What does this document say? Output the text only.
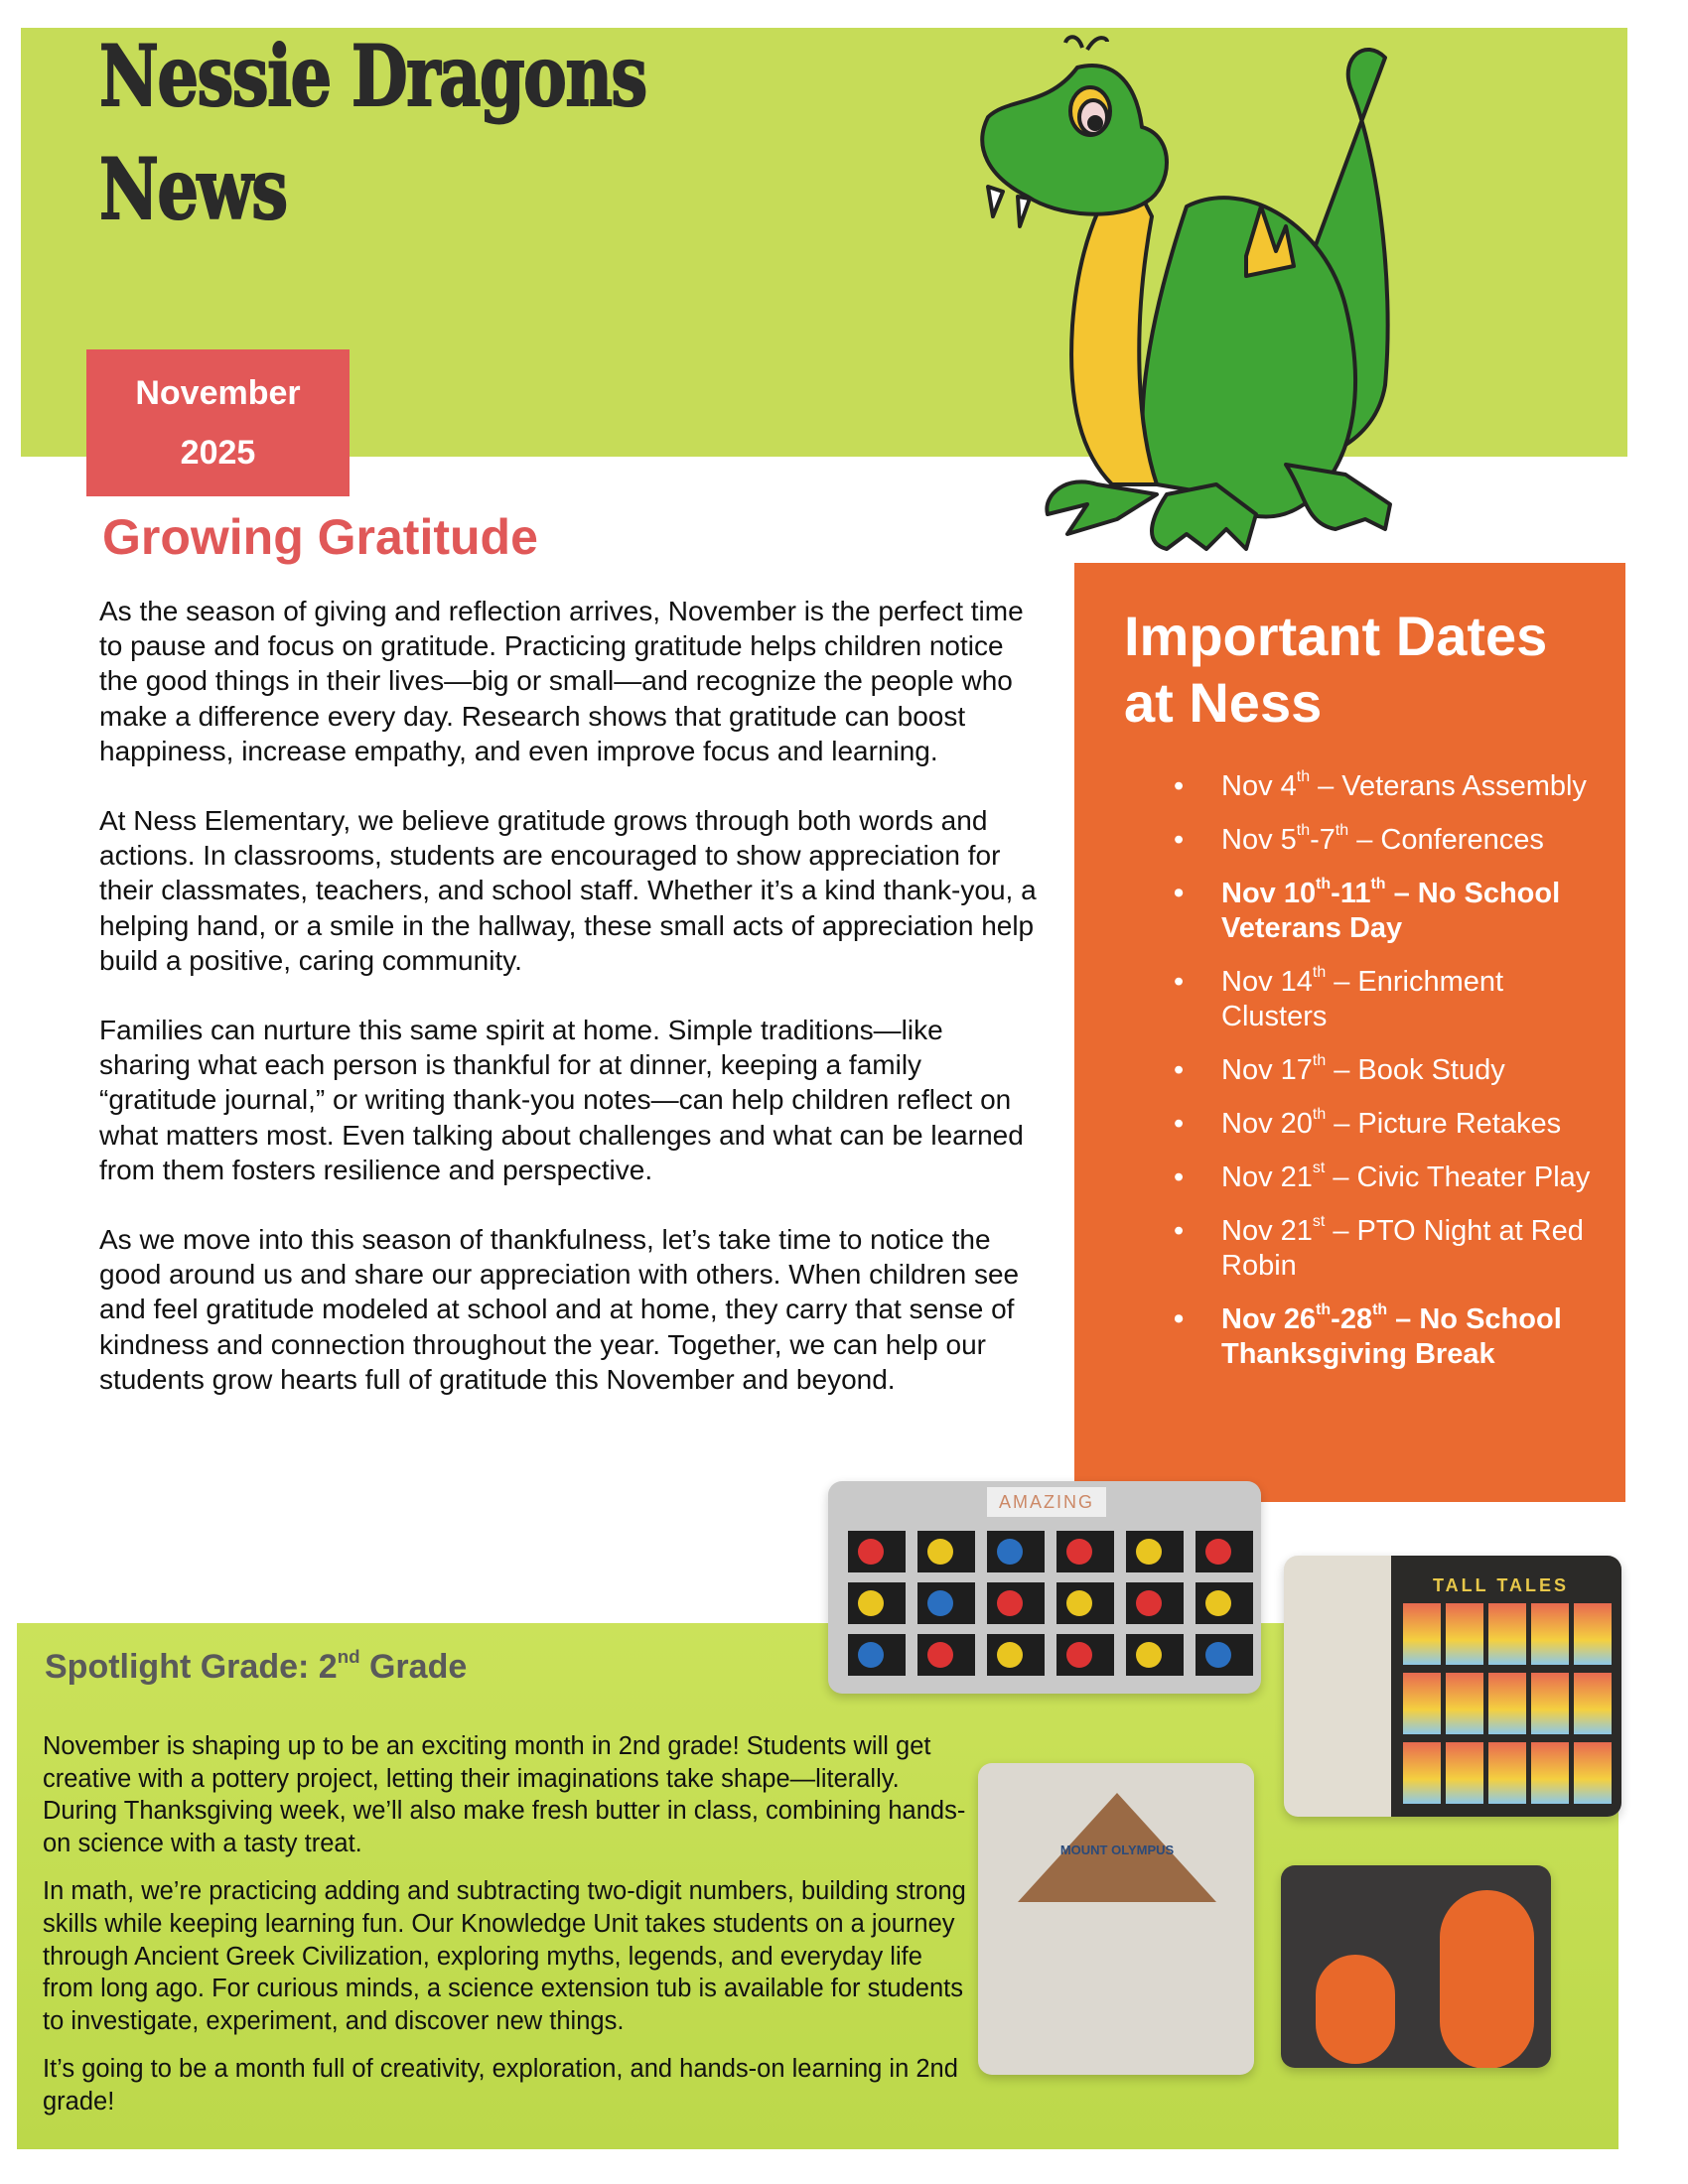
Nessie Dragons
News
November
2025
Growing Gratitude

As the season of giving and reflection arrives, November is the perfect time to pause and focus on gratitude. Practicing gratitude helps children notice the good things in their lives—big or small—and recognize the people who make a difference every day. Research shows that gratitude can boost happiness, increase empathy, and even improve focus and learning.

At Ness Elementary, we believe gratitude grows through both words and actions. In classrooms, students are encouraged to show appreciation for their classmates, teachers, and school staff. Whether it’s a kind thank-you, a helping hand, or a smile in the hallway, these small acts of appreciation help build a positive, caring community.

Families can nurture this same spirit at home. Simple traditions—like sharing what each person is thankful for at dinner, keeping a family “gratitude journal,” or writing thank-you notes—can help children reflect on what matters most. Even talking about challenges and what can be learned from them fosters resilience and perspective.

As we move into this season of thankfulness, let’s take time to notice the good around us and share our appreciation with others. When children see and feel gratitude modeled at school and at home, they carry that sense of kindness and connection throughout the year. Together, we can help our students grow hearts full of gratitude this November and beyond.

Important Dates at Ness
• Nov 4th – Veterans Assembly
• Nov 5th-7th – Conferences
• Nov 10th-11th – No School Veterans Day
• Nov 14th – Enrichment Clusters
• Nov 17th – Book Study
• Nov 20th – Picture Retakes
• Nov 21st – Civic Theater Play
• Nov 21st – PTO Night at Red Robin
• Nov 26th-28th – No School Thanksgiving Break
Spotlight Grade: 2nd Grade

November is shaping up to be an exciting month in 2nd grade! Students will get creative with a pottery project, letting their imaginations take shape—literally. During Thanksgiving week, we’ll also make fresh butter in class, combining hands-on science with a tasty treat.

In math, we’re practicing adding and subtracting two-digit numbers, building strong skills while keeping learning fun. Our Knowledge Unit takes students on a journey through Ancient Greek Civilization, exploring myths, legends, and everyday life from long ago. For curious minds, a science extension tub is available for students to investigate, experiment, and discover new things.

It’s going to be a month full of creativity, exploration, and hands-on learning in 2nd grade!

AMAZING
TALL TALES
MOUNT OLYMPUS
